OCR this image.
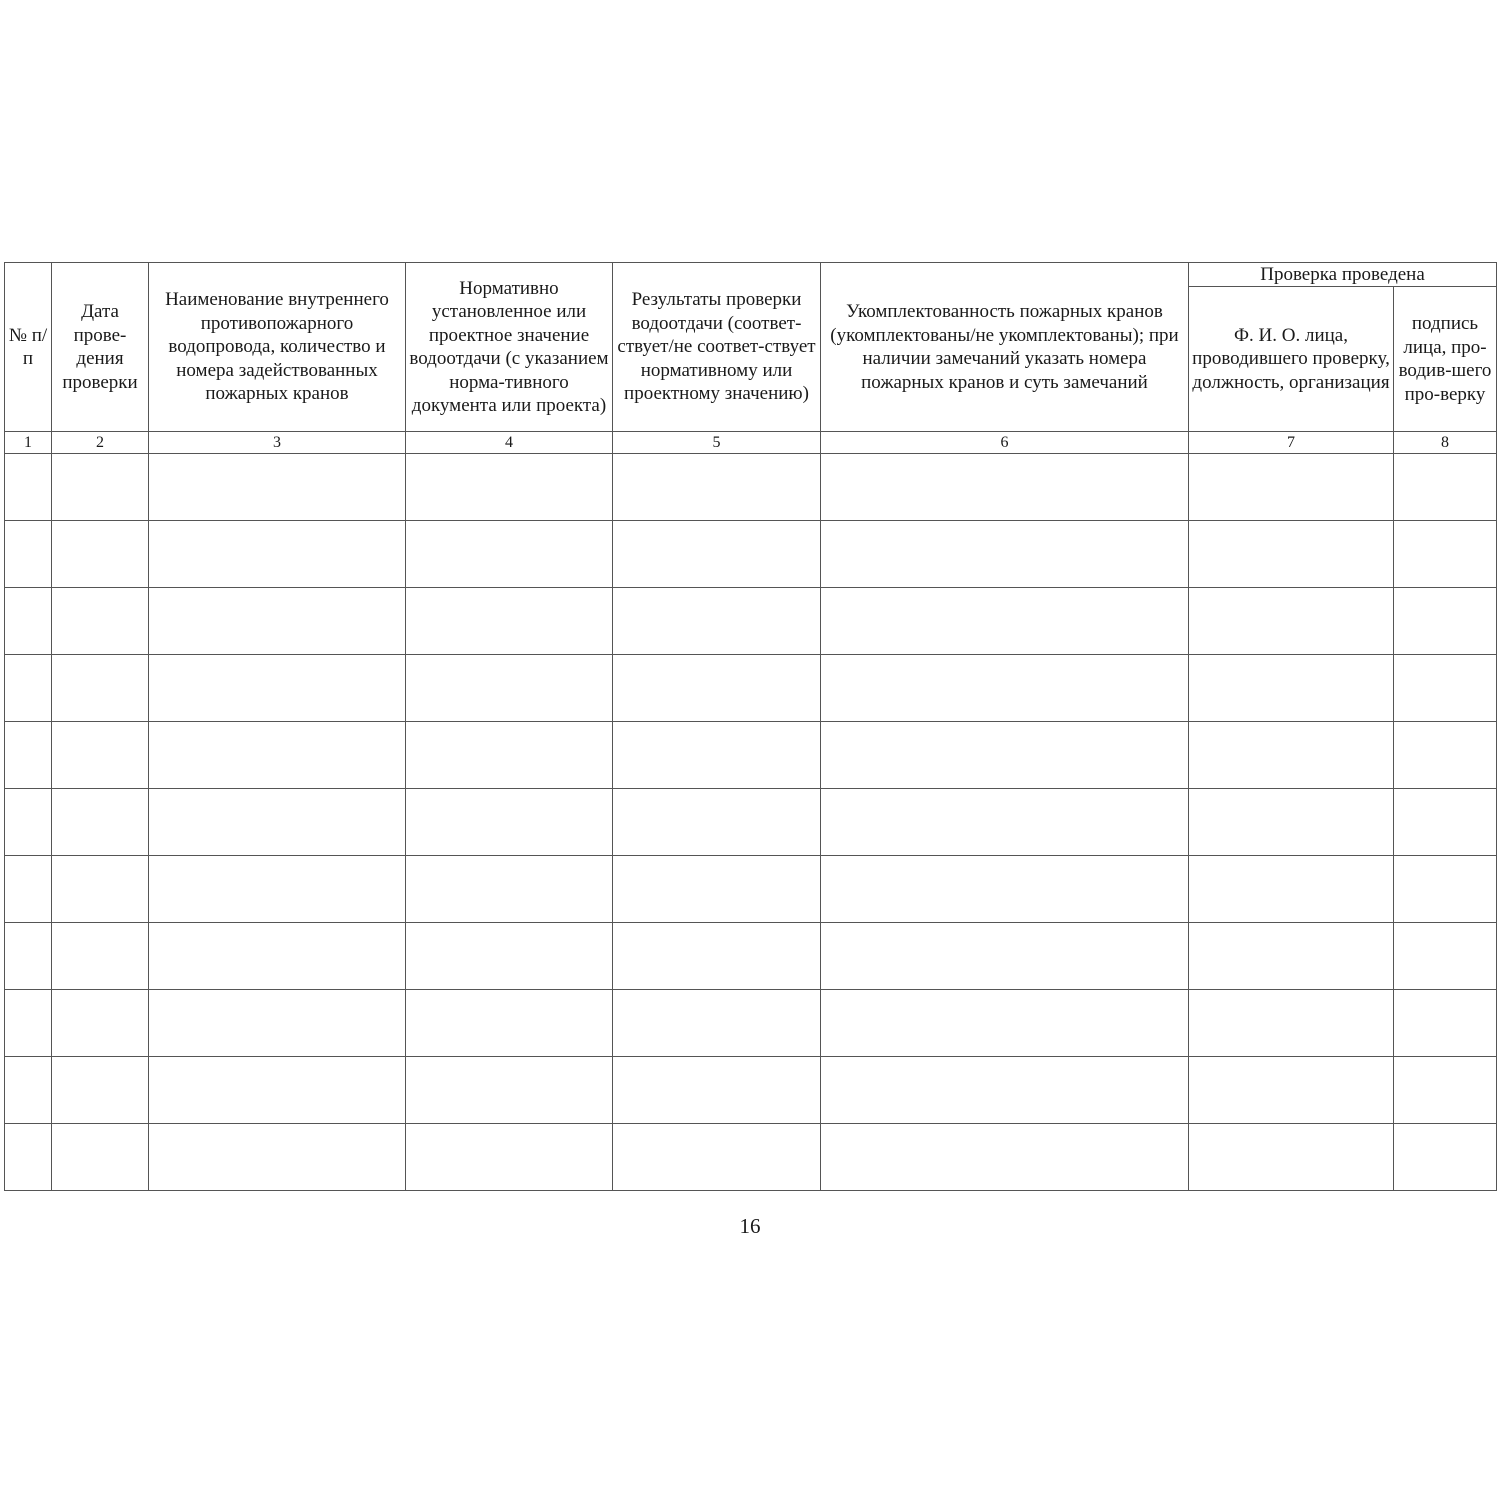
№ п/п	Дата прове-дения проверки	Наименование внутреннего противопожарного водопровода, количество и номера задействованных пожарных кранов	Нормативно установленное или проектное значение водоотдачи (с указанием норма-тивного документа или проекта)	Результаты проверки водоотдачи (соответ-ствует/не соответ-ствует нормативному или проектному значению)	Укомплектованность пожарных кранов (укомплектованы/не укомплектованы); при наличии замечаний указать номера пожарных кранов и суть замечаний	Проверка проведена	

						Ф. И. О. лица, проводившего проверку, должность, организация	подпись лица, про-водив-шего про-верку

1	2	3	4	5	6	7	8

16
